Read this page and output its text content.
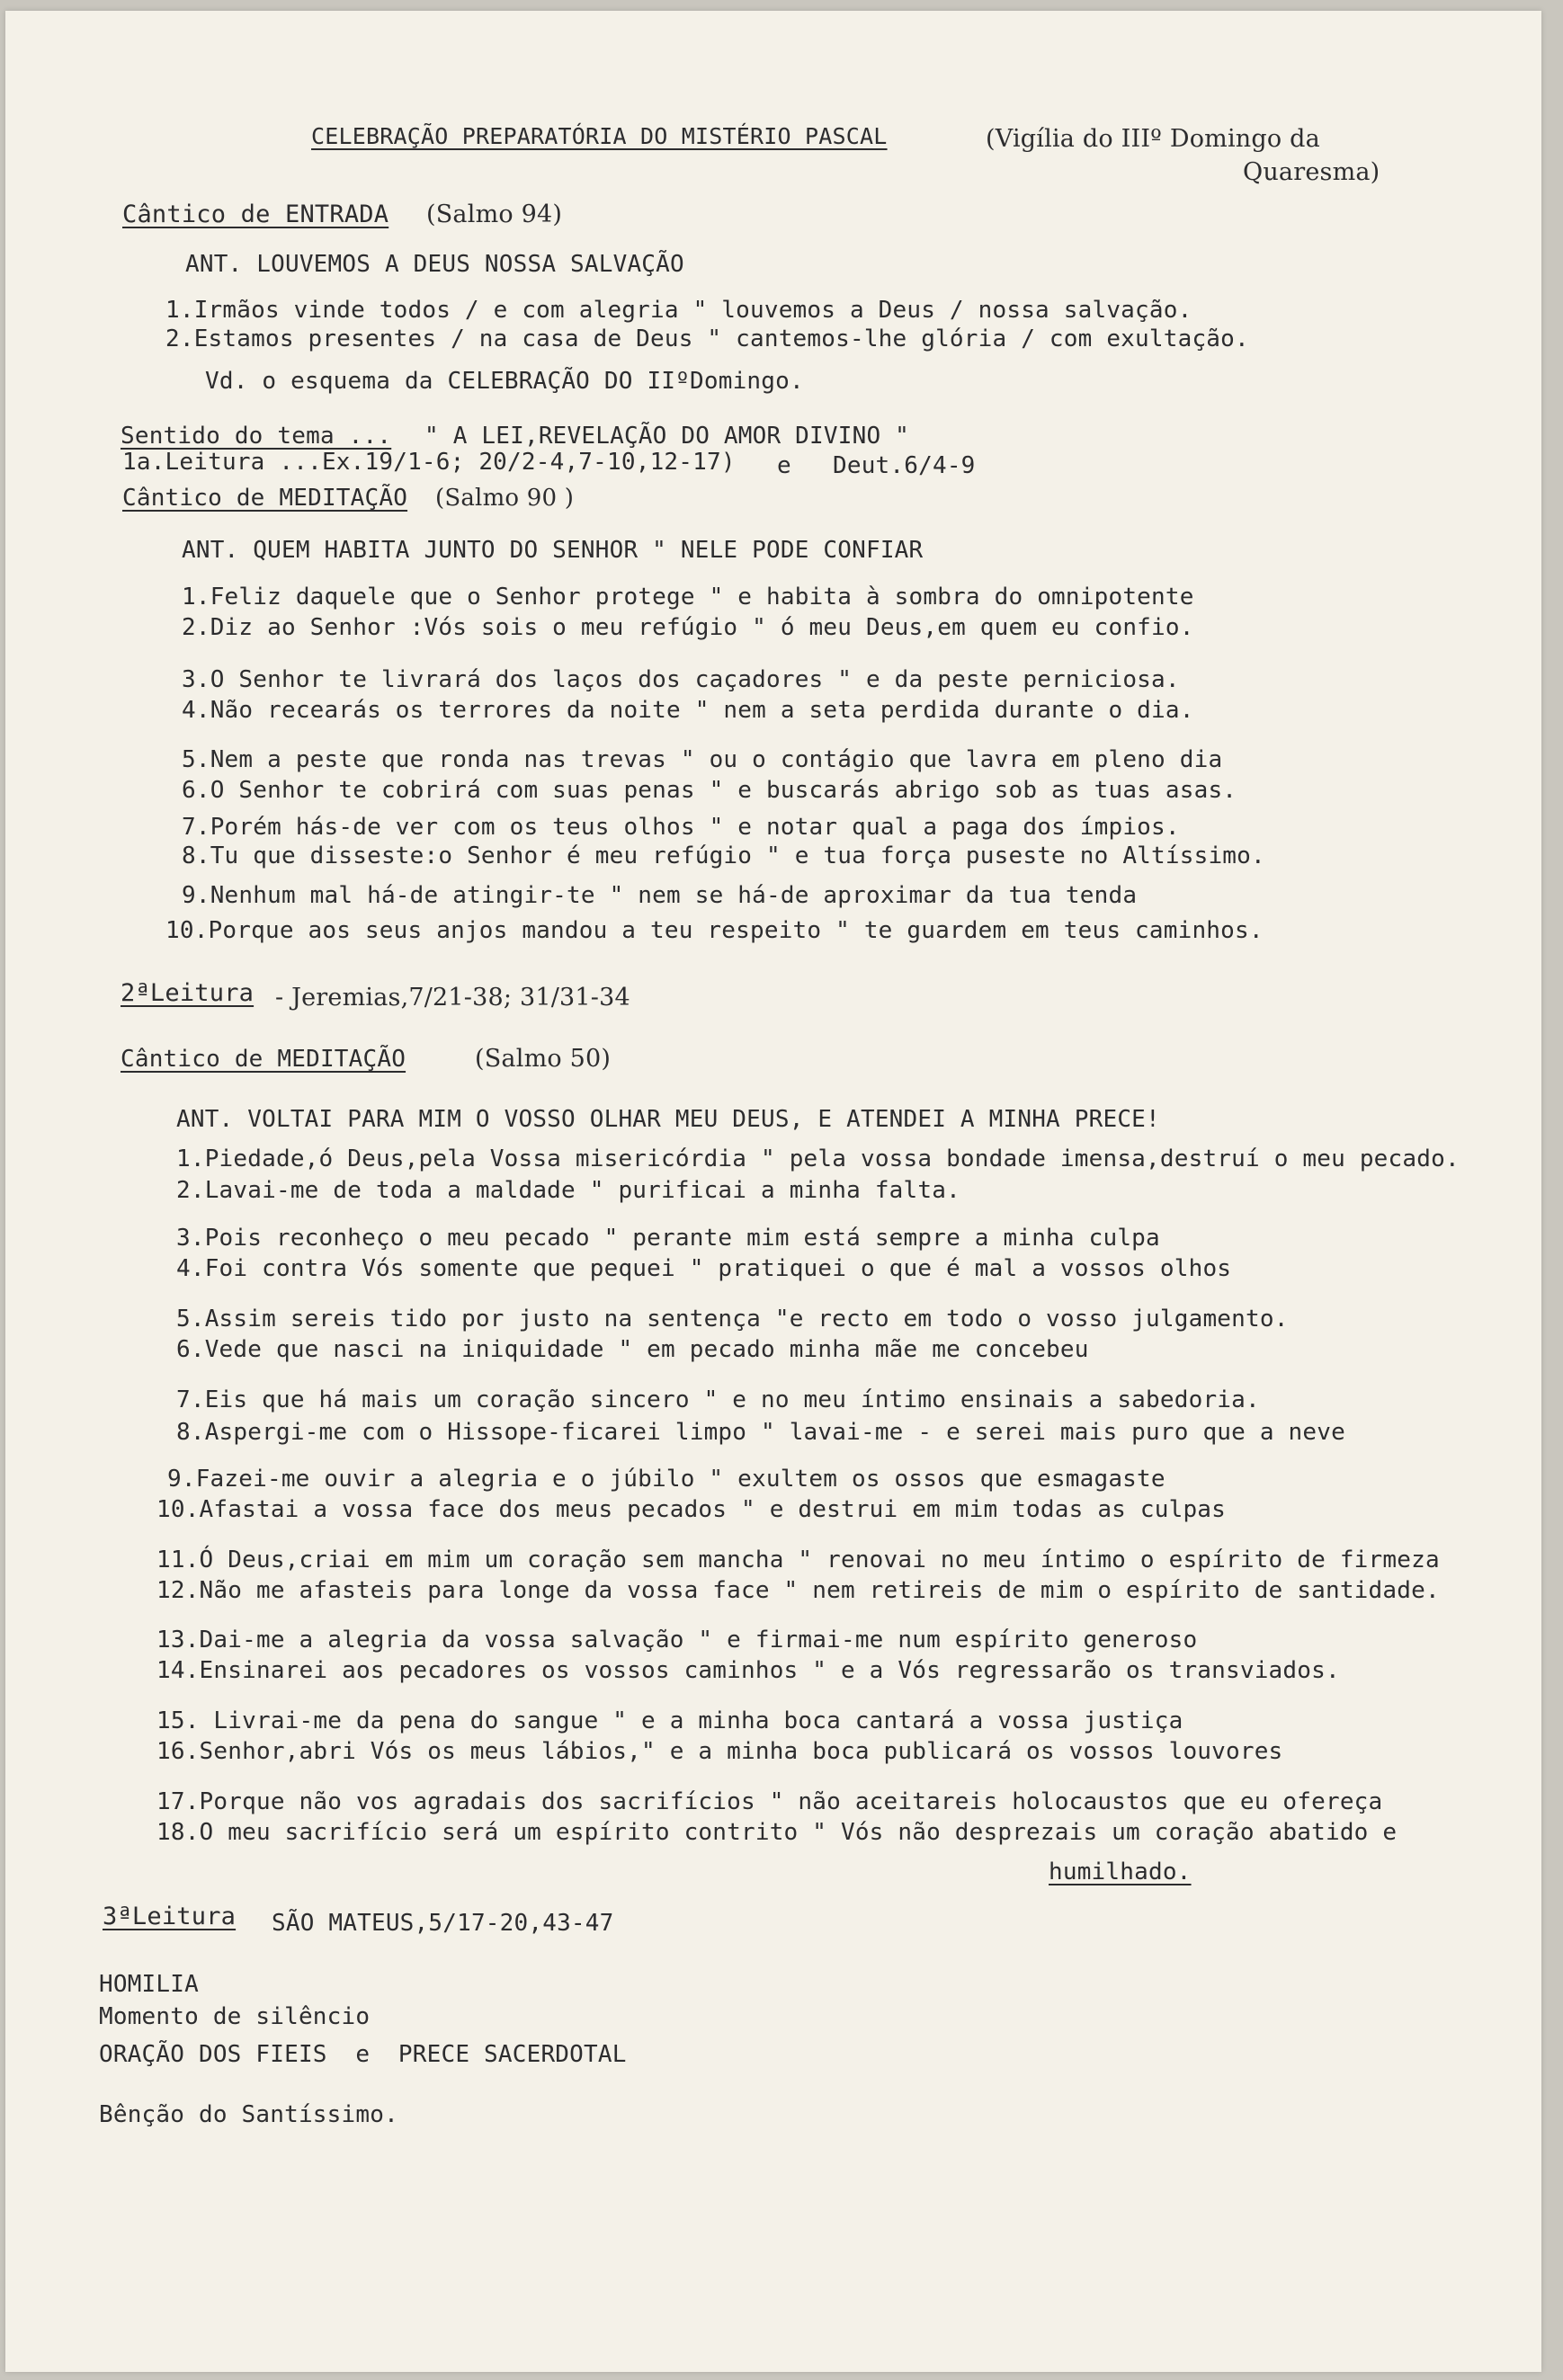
CELEBRAÇÃO PREPARATÓRIA DO MISTÉRIO PASCAL	(Vigília do IIIº Domingo da
Quaresma)
Cântico de ENTRADA (Salmo 94)
ANT. LOUVEMOS A DEUS NOSSA SALVAÇÃO
1.Irmãos vinde todos / e com alegria " louvemos a Deus / nossa salvação.
2.Estamos presentes / na casa de Deus " cantemos-lhe glória / com exultação.
Vd. o esquema da CELEBRAÇÃO DO IIºDomingo.
Sentido do tema ... " A LEI,REVELAÇÃO DO AMOR DIVINO "
1a.Leitura ...Ex.19/1-6; 20/2-4,7-10,12-17) e Deut.6/4-9
Cântico de MEDITAÇÃO (Salmo 90 )
ANT. QUEM HABITA JUNTO DO SENHOR " NELE PODE CONFIAR
1.Feliz daquele que o Senhor protege " e habita à sombra do omnipotente
2.Diz ao Senhor :Vós sois o meu refúgio " ó meu Deus,em quem eu confio.
3.O Senhor te livrará dos laços dos caçadores " e da peste perniciosa.
4.Não recearás os terrores da noite " nem a seta perdida durante o dia.
5.Nem a peste que ronda nas trevas " ou o contágio que lavra em pleno dia
6.O Senhor te cobrirá com suas penas " e buscarás abrigo sob as tuas asas.
7.Porém hás-de ver com os teus olhos " e notar qual a paga dos ímpios.
8.Tu que disseste:o Senhor é meu refúgio " e tua força puseste no Altíssimo.
9.Nenhum mal há-de atingir-te " nem se há-de aproximar da tua tenda
10.Porque aos seus anjos mandou a teu respeito " te guardem em teus caminhos.
2ªLeitura - Jeremias,7/21-38; 31/31-34
Cântico de MEDITAÇÃO	(Salmo 50)
ANT. VOLTAI PARA MIM O VOSSO OLHAR MEU DEUS, E ATENDEI A MINHA PRECE!
1.Piedade,ó Deus,pela Vossa misericórdia " pela vossa bondade imensa,destruí o meu pecado.
2.Lavai-me de toda a maldade " purificai a minha falta.
3.Pois reconheço o meu pecado " perante mim está sempre a minha culpa
4.Foi contra Vós somente que pequei " pratiquei o que é mal a vossos olhos
5.Assim sereis tido por justo na sentença "e recto em todo o vosso julgamento.
6.Vede que nasci na iniquidade " em pecado minha mãe me concebeu
7.Eis que há mais um coração sincero " e no meu íntimo ensinais a sabedoria.
8.Aspergi-me com o Hissope-ficarei limpo " lavai-me - e serei mais puro que a neve
9.Fazei-me ouvir a alegria e o júbilo " exultem os ossos que esmagaste
10.Afastai a vossa face dos meus pecados " e destrui em mim todas as culpas
11.Ó Deus,criai em mim um coração sem mancha " renovai no meu íntimo o espírito de firmeza
12.Não me afasteis para longe da vossa face " nem retireis de mim o espírito de santidade.
13.Dai-me a alegria da vossa salvação " e firmai-me num espírito generoso
14.Ensinarei aos pecadores os vossos caminhos " e a Vós regressarão os transviados.
15. Livrai-me da pena do sangue " e a minha boca cantará a vossa justiça
16.Senhor,abri Vós os meus lábios," e a minha boca publicará os vossos louvores
17.Porque não vos agradais dos sacrifícios " não aceitareis holocaustos que eu ofereça
18.O meu sacrifício será um espírito contrito " Vós não desprezais um coração abatido e
humilhado.
3ªLeitura SÃO MATEUS,5/17-20,43-47
HOMILIA
Momento de silêncio
ORAÇÃO DOS FIEIS  e  PRECE SACERDOTAL
Bênção do Santíssimo.
